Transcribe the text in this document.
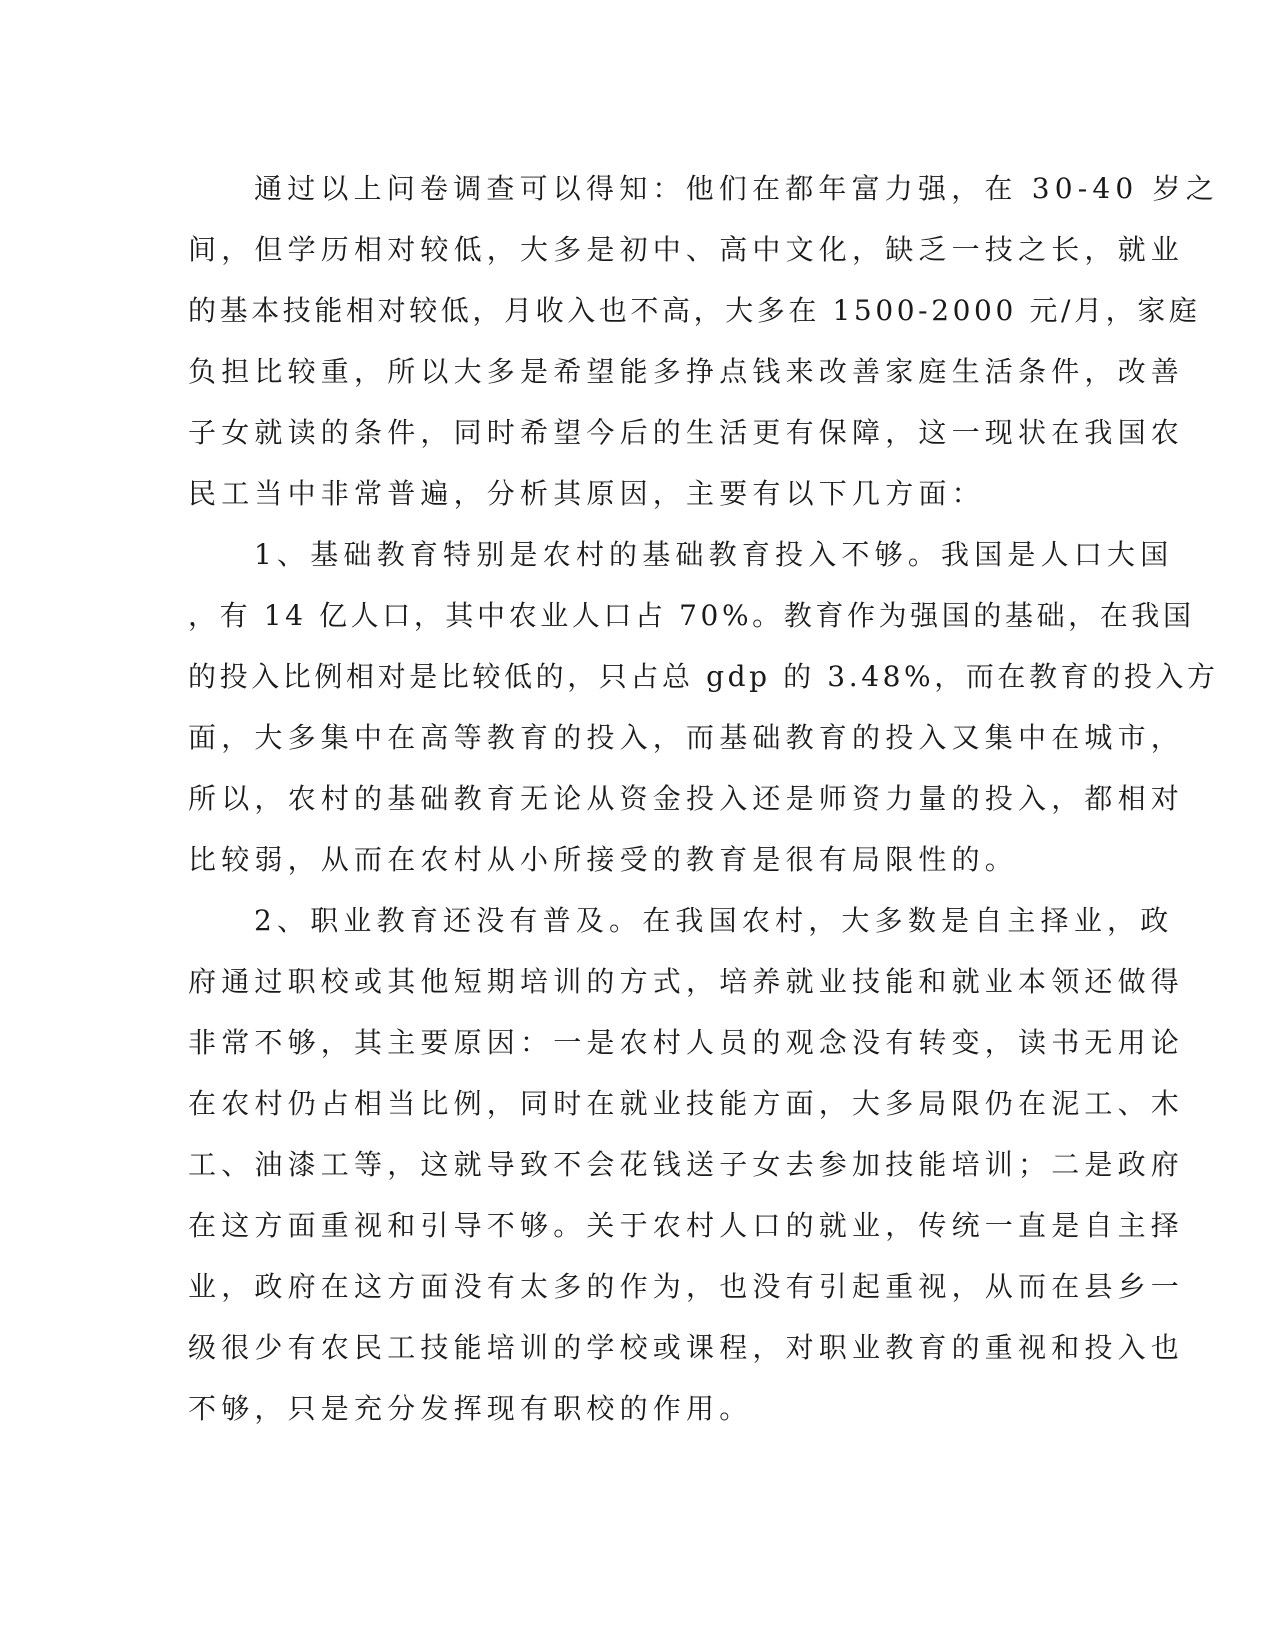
通过以上问卷调查可以得知：他们在都年富力强，在 30-40 岁之
间，但学历相对较低，大多是初中、高中文化，缺乏一技之长，就业
的基本技能相对较低，月收入也不高，大多在 1500-2000 元/月，家庭
负担比较重，所以大多是希望能多挣点钱来改善家庭生活条件，改善
子女就读的条件，同时希望今后的生活更有保障，这一现状在我国农
民工当中非常普遍，分析其原因，主要有以下几方面：
1、基础教育特别是农村的基础教育投入不够。我国是人口大国
，有 14 亿人口，其中农业人口占 70%。教育作为强国的基础，在我国
的投入比例相对是比较低的，只占总 gdp 的 3.48%，而在教育的投入方
面，大多集中在高等教育的投入，而基础教育的投入又集中在城市，
所以，农村的基础教育无论从资金投入还是师资力量的投入，都相对
比较弱，从而在农村从小所接受的教育是很有局限性的。
2、职业教育还没有普及。在我国农村，大多数是自主择业，政
府通过职校或其他短期培训的方式，培养就业技能和就业本领还做得
非常不够，其主要原因：一是农村人员的观念没有转变，读书无用论
在农村仍占相当比例，同时在就业技能方面，大多局限仍在泥工、木
工、油漆工等，这就导致不会花钱送子女去参加技能培训；二是政府
在这方面重视和引导不够。关于农村人口的就业，传统一直是自主择
业，政府在这方面没有太多的作为，也没有引起重视，从而在县乡一
级很少有农民工技能培训的学校或课程，对职业教育的重视和投入也
不够，只是充分发挥现有职校的作用。
